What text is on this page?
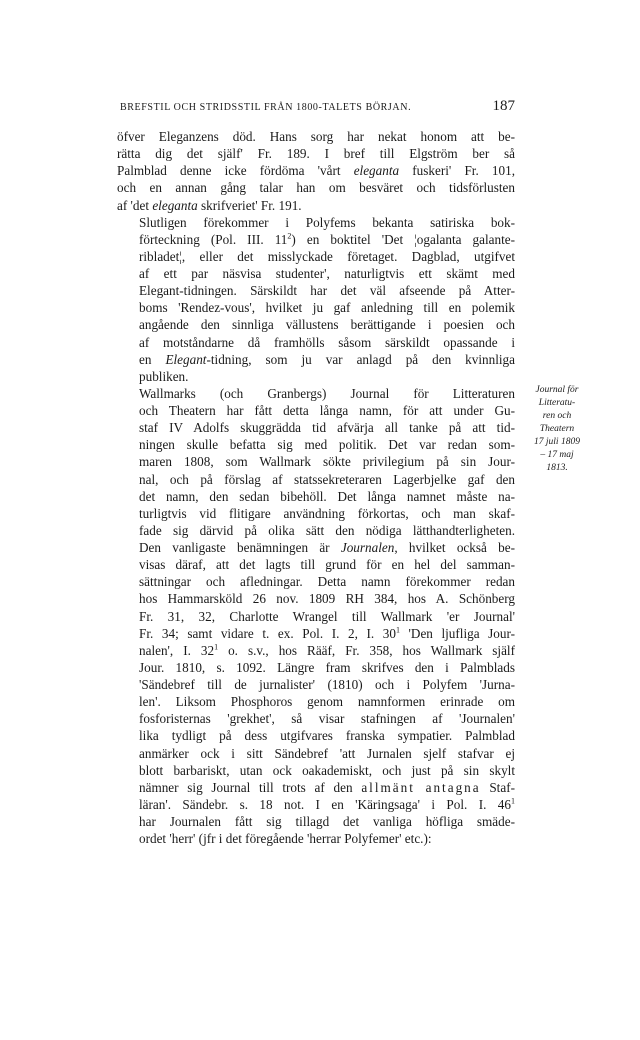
BREFSTIL OCH STRIDSSTIL FRÅN 1800-TALETS BÖRJAN.	187
öfver Eleganzens död. Hans sorg har nekat honom att be-
rätta dig det själf' Fr. 189. I bref till Elgström ber så
Palmblad denne icke fördöma 'vårt eleganta fuskeri' Fr. 101,
och en annan gång talar han om besväret och tidsförlusten
af 'det eleganta skrifveriet' Fr. 191.
Slutligen förekommer i Polyfems bekanta satiriska bok-
förteckning (Pol. III. $11^2$) en boktitel 'Det ¦ogalanta galante-
ribladet¦, eller det misslyckade företaget. Dagblad, utgifvet
af ett par näsvisa studenter', naturligtvis ett skämt med
Elegant-tidningen. Särskildt har det väl afseende på Atter-
boms 'Rendez-vous', hvilket ju gaf anledning till en polemik
angående den sinnliga vällustens berättigande i poesien och
af motståndarne då framhölls såsom särskildt opassande i
en Elegant-tidning, som ju var anlagd på den kvinnliga
publiken.
Wallmarks (och Granbergs) Journal för Litteraturen
och Theatern har fått detta långa namn, för att under Gu-
staf IV Adolfs skuggrädda tid afvärja all tanke på att tid-
ningen skulle befatta sig med politik. Det var redan som-
maren 1808, som Wallmark sökte privilegium på sin Jour-
nal, och på förslag af statssekreteraren Lagerbjelke gaf den
det namn, den sedan bibehöll. Det långa namnet måste na-
turligtvis vid flitigare användning förkortas, och man skaf-
fade sig därvid på olika sätt den nödiga lätthandterligheten.
Den vanligaste benämningen är Journalen, hvilket också be-
visas däraf, att det lagts till grund för en hel del samman-
sättningar och afledningar. Detta namn förekommer redan
hos Hammarsköld 26 nov. 1809 RH 384, hos A. Schönberg
Fr. 31, 32, Charlotte Wrangel till Wallmark 'er Journal'
Fr. 34; samt vidare t. ex. Pol. I. 2, I. $30^1$ 'Den ljufliga Jour-
nalen', I. $32^1$ o. s.v., hos Rääf, Fr. 358, hos Wallmark själf
Jour. 1810, s. 1092. Längre fram skrifves den i Palmblads
'Sändebref till de jurnalister' (1810) och i Polyfem 'Jurna-
len'. Liksom Phosphoros genom namnformen erinrade om
fosforisternas 'grekhet', så visar stafningen af 'Journalen'
lika tydligt på dess utgifvares franska sympatier. Palmblad
anmärker ock i sitt Sändebref 'att Jurnalen sjelf stafvar ej
blott barbariskt, utan ock oakademiskt, och just på sin skylt
nämner sig Journal till trots af den allmänt antagna Staf-
läran'. Sändebr. s. 18 not. I en 'Käringsaga' i Pol. I. $46^1$
har Journalen fått sig tillagd det vanliga höfliga smäde-
ordet 'herr' (jfr i det föregående 'herrar Polyfemer' etc.):
Journal för
Litteratu-
ren och
Theatern
17 juli 1809
– 17 maj
1813.
